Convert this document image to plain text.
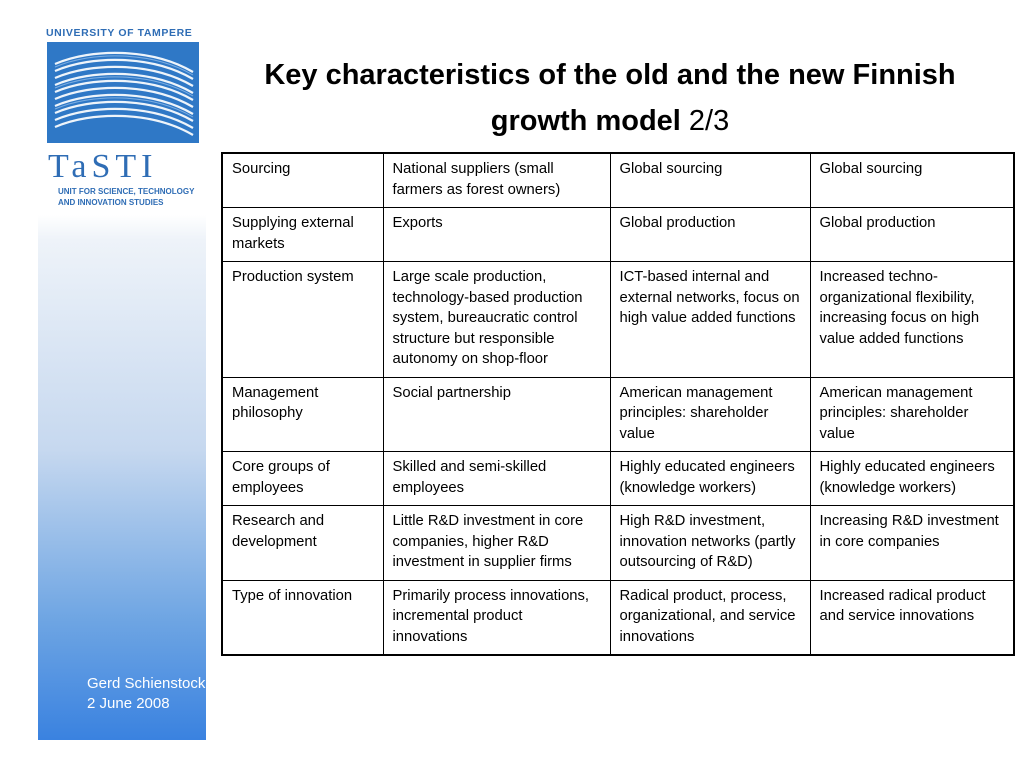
UNIVERSITY OF TAMPERE
TaSTI
UNIT FOR SCIENCE, TECHNOLOGY
AND INNOVATION STUDIES
Gerd Schienstock
2 June 2008
Key characteristics of the old and the new Finnish growth model 2/3
Sourcing	National suppliers (small farmers as forest owners)	Global sourcing	Global sourcing
Supplying external markets	Exports	Global production	Global production
Production system	Large scale production, technology-based production system, bureaucratic control structure but responsible autonomy on shop-floor	ICT-based internal and external networks, focus on high value added functions	Increased techno-organizational flexibility, increasing focus on high value added functions
Management philosophy	Social partnership	American management principles: shareholder value	American management principles: shareholder value
Core groups of employees	Skilled and semi-skilled employees	Highly educated engineers (knowledge workers)	Highly educated engineers (knowledge workers)
Research and development	Little R&D investment in core companies, higher R&D investment in supplier firms	High R&D investment, innovation networks (partly outsourcing of R&D)	Increasing R&D investment in core companies
Type of innovation	Primarily process innovations, incremental product innovations	Radical product, process, organizational, and service innovations	Increased radical product and service innovations
